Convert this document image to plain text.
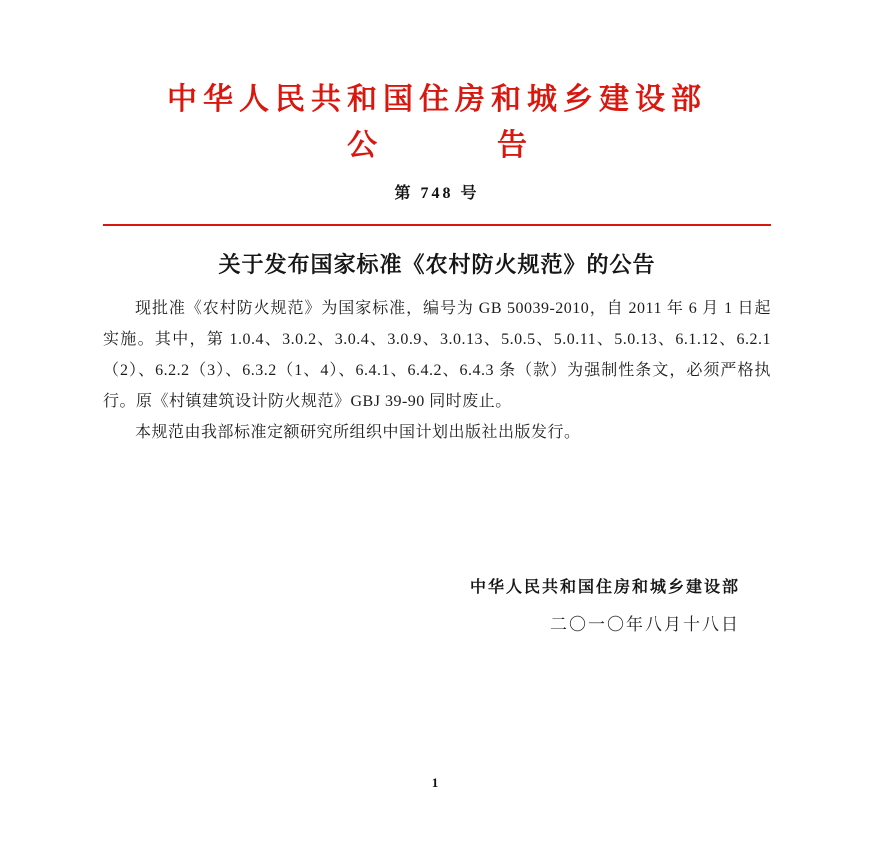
中华人民共和国住房和城乡建设部
公　　　　告
第 748 号
关于发布国家标准《农村防火规范》的公告

现批准《农村防火规范》为国家标准，编号为 GB 50039-2010，自 2011 年 6 月 1 日起实施。其中，第 1.0.4、3.0.2、3.0.4、3.0.9、3.0.13、5.0.5、5.0.11、5.0.13、6.1.12、6.2.1（2）、6.2.2（3）、6.3.2（1、4）、6.4.1、6.4.2、6.4.3 条（款）为强制性条文，必须严格执行。原《村镇建筑设计防火规范》GBJ 39-90 同时废止。

本规范由我部标准定额研究所组织中国计划出版社出版发行。

中华人民共和国住房和城乡建设部
二〇一〇年八月十八日
1
